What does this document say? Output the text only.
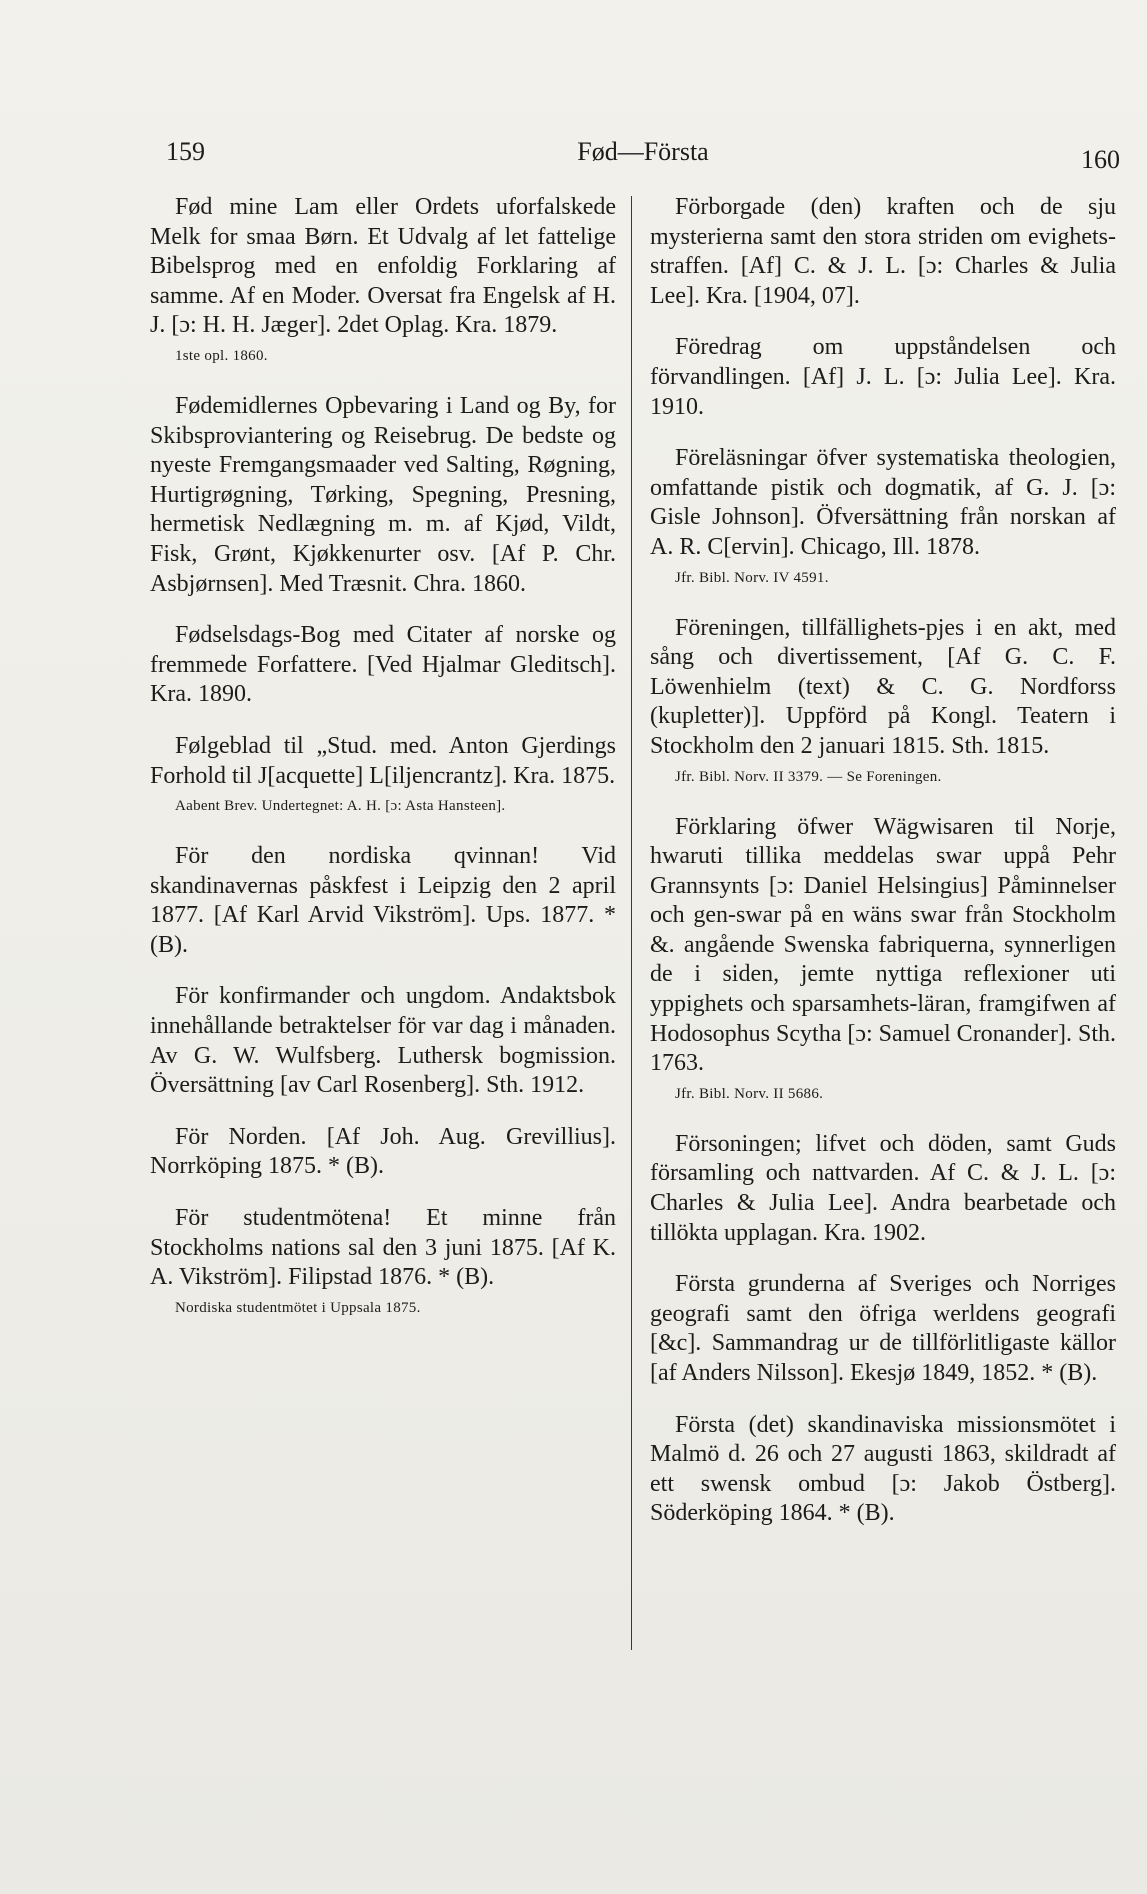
159	Fød—Första	160

Fød mine Lam eller Ordets uforfalskede Melk for smaa Børn. Et Udvalg af let fattelige Bibelsprog med en enfoldig Forklaring af samme. Af en Moder. Oversat fra Engelsk af H. J. [ɔ: H. H. Jæger]. 2det Oplag. Kra. 1879.

1ste opl. 1860.

Fødemidlernes Opbevaring i Land og By, for Skibsproviantering og Reisebrug. De bedste og nyeste Fremgangsmaader ved Salting, Røgning, Hurtigrøgning, Tørking, Spegning, Presning, hermetisk Nedlægning m. m. af Kjød, Vildt, Fisk, Grønt, Kjøkkenurter osv. [Af P. Chr. Asbjørnsen]. Med Træsnit. Chra. 1860.

Fødselsdags-Bog med Citater af norske og fremmede Forfattere. [Ved Hjalmar Gleditsch]. Kra. 1890.

Følgeblad til „Stud. med. Anton Gjerdings Forhold til J[acquette] L[iljencrantz]. Kra. 1875.

Aabent Brev. Undertegnet: A. H. [ɔ: Asta Hansteen].

För den nordiska qvinnan! Vid skandinavernas påskfest i Leipzig den 2 april 1877. [Af Karl Arvid Vikström]. Ups. 1877. * (B).

För konfirmander och ungdom. Andaktsbok innehållande betraktelser för var dag i månaden. Av G. W. Wulfsberg. Luthersk bogmission. Översättning [av Carl Rosenberg]. Sth. 1912.

För Norden. [Af Joh. Aug. Grevillius]. Norrköping 1875. * (B).

För studentmötena! Et minne från Stockholms nations sal den 3 juni 1875. [Af K. A. Vikström]. Filipstad 1876. * (B).

Nordiska studentmötet i Uppsala 1875.

Förborgade (den) kraften och de sju mysterierna samt den stora striden om evighets-straffen. [Af] C. & J. L. [ɔ: Charles & Julia Lee]. Kra. [1904, 07].

Föredrag om uppståndelsen och förvandlingen. [Af] J. L. [ɔ: Julia Lee]. Kra. 1910.

Föreläsningar öfver systematiska theologien, omfattande pistik och dogmatik, af G. J. [ɔ: Gisle Johnson]. Öfversättning från norskan af A. R. C[ervin]. Chicago, Ill. 1878.

Jfr. Bibl. Norv. IV 4591.

Föreningen, tillfällighets-pjes i en akt, med sång och divertissement, [Af G. C. F. Löwenhielm (text) & C. G. Nordforss (kupletter)]. Uppförd på Kongl. Teatern i Stockholm den 2 januari 1815. Sth. 1815.

Jfr. Bibl. Norv. II 3379. — Se Foreningen.

Förklaring öfwer Wägwisaren til Norje, hwaruti tillika meddelas swar uppå Pehr Grannsynts [ɔ: Daniel Helsingius] Påminnelser och gen-swar på en wäns swar från Stockholm &. angående Swenska fabriquerna, synnerligen de i siden, jemte nyttiga reflexioner uti yppighets och sparsamhets-läran, framgifwen af Hodosophus Scytha [ɔ: Samuel Cronander]. Sth. 1763.

Jfr. Bibl. Norv. II 5686.

Försoningen; lifvet och döden, samt Guds församling och nattvarden. Af C. & J. L. [ɔ: Charles & Julia Lee]. Andra bearbetade och tillökta upplagan. Kra. 1902.

Första grunderna af Sveriges och Norriges geografi samt den öfriga werldens geografi [&c]. Sammandrag ur de tillförlitligaste källor [af Anders Nilsson]. Ekesjø 1849, 1852. * (B).

Första (det) skandinaviska missionsmötet i Malmö d. 26 och 27 augusti 1863, skildradt af ett swensk ombud [ɔ: Jakob Östberg]. Söderköping 1864. * (B).
